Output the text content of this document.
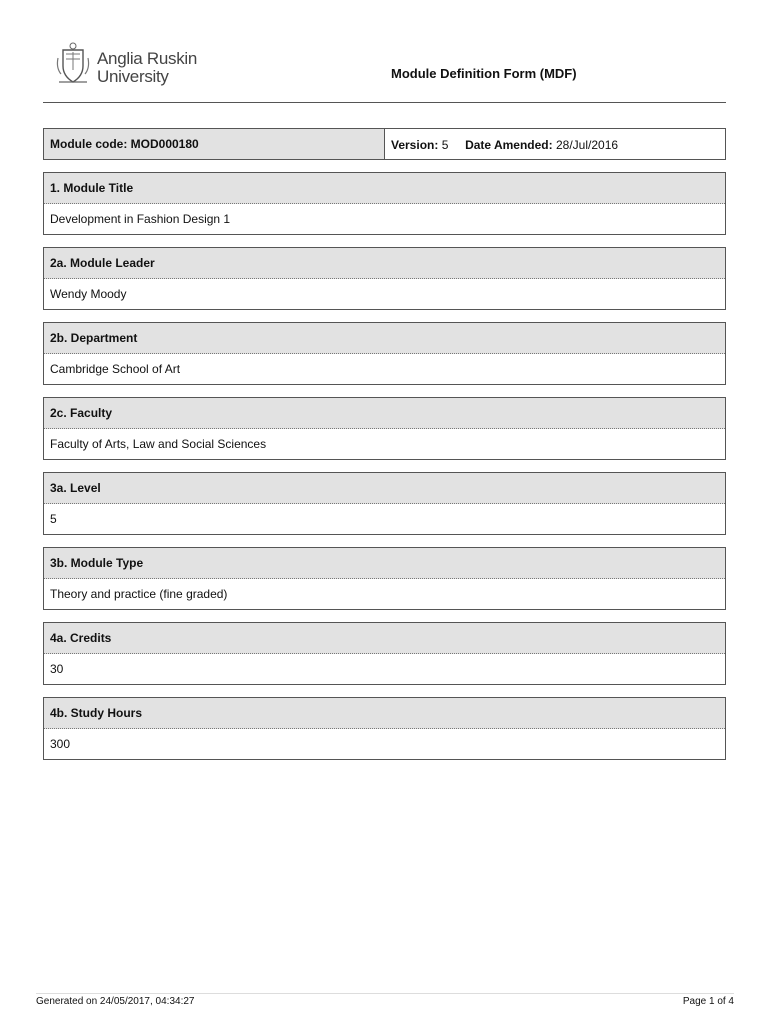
Anglia Ruskin
University	Module Definition Form (MDF)
Module code: MOD000180	Version: 5 Date Amended: 28/Jul/2016
1. Module Title
Development in Fashion Design 1
2a. Module Leader
Wendy Moody
2b. Department
Cambridge School of Art
2c. Faculty
Faculty of Arts, Law and Social Sciences
3a. Level
5
3b. Module Type
Theory and practice (fine graded)
4a. Credits
30
4b. Study Hours
300
Generated on 24/05/2017, 04:34:27	Page 1 of 4
